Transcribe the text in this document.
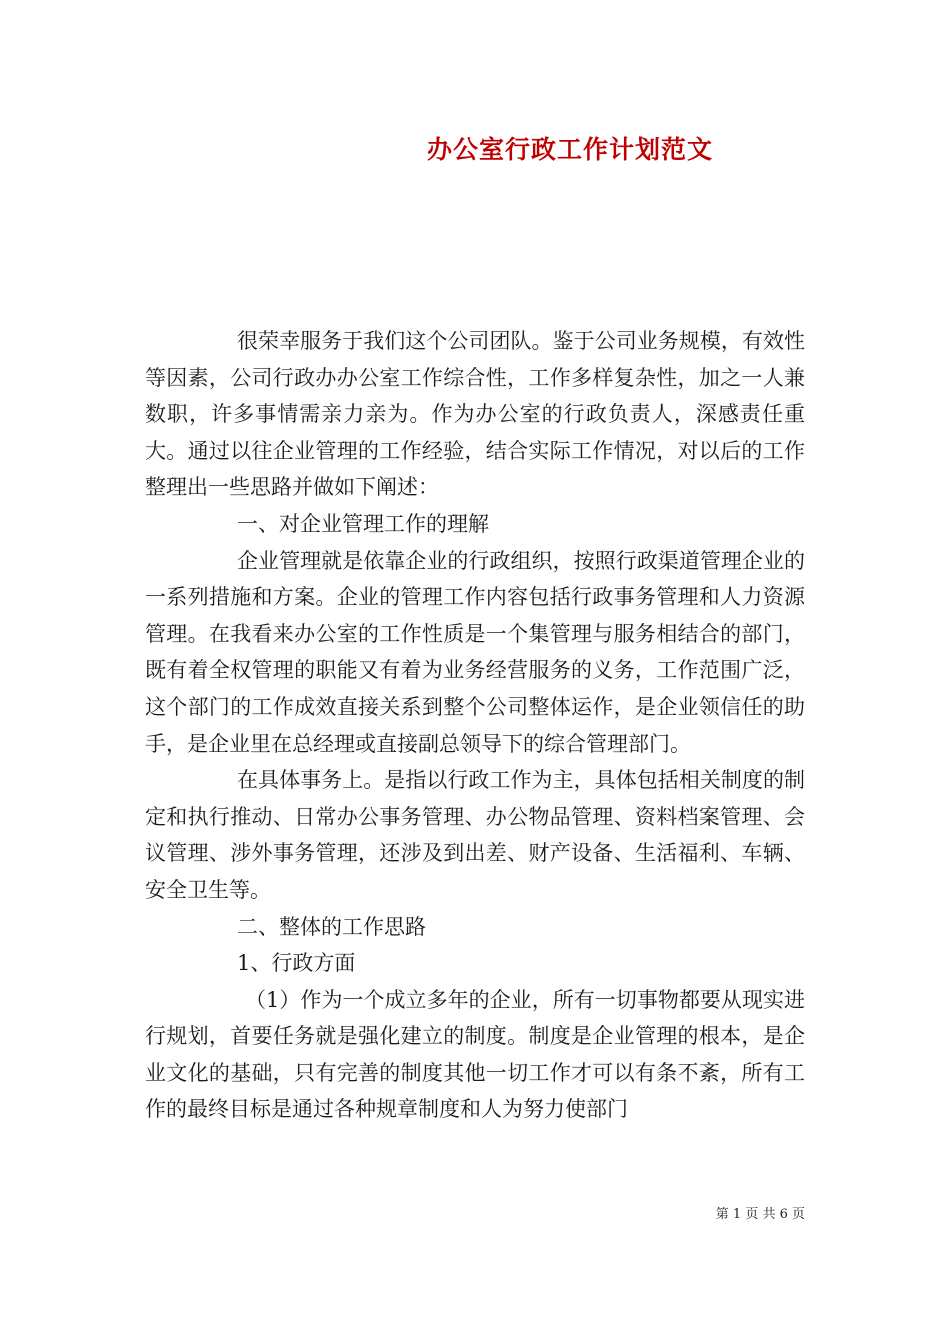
办公室行政工作计划范文

很荣幸服务于我们这个公司团队。鉴于公司业务规模，有效性等因素，公司行政办办公室工作综合性，工作多样复杂性，加之一人兼数职，许多事情需亲力亲为。作为办公室的行政负责人，深感责任重大。通过以往企业管理的工作经验，结合实际工作情况，对以后的工作整理出一些思路并做如下阐述：

一、对企业管理工作的理解

企业管理就是依靠企业的行政组织，按照行政渠道管理企业的一系列措施和方案。企业的管理工作内容包括行政事务管理和人力资源管理。在我看来办公室的工作性质是一个集管理与服务相结合的部门，既有着全权管理的职能又有着为业务经营服务的义务，工作范围广泛，这个部门的工作成效直接关系到整个公司整体运作，是企业领信任的助手，是企业里在总经理或直接副总领导下的综合管理部门。

在具体事务上。是指以行政工作为主，具体包括相关制度的制定和执行推动、日常办公事务管理、办公物品管理、资料档案管理、会议管理、涉外事务管理，还涉及到出差、财产设备、生活福利、车辆、安全卫生等。

二、整体的工作思路

1、行政方面

（1）作为一个成立多年的企业，所有一切事物都要从现实进行规划，首要任务就是强化建立的制度。制度是企业管理的根本，是企业文化的基础，只有完善的制度其他一切工作才可以有条不紊，所有工作的最终目标是通过各种规章制度和人为努力使部门

第 1 页 共 6 页
